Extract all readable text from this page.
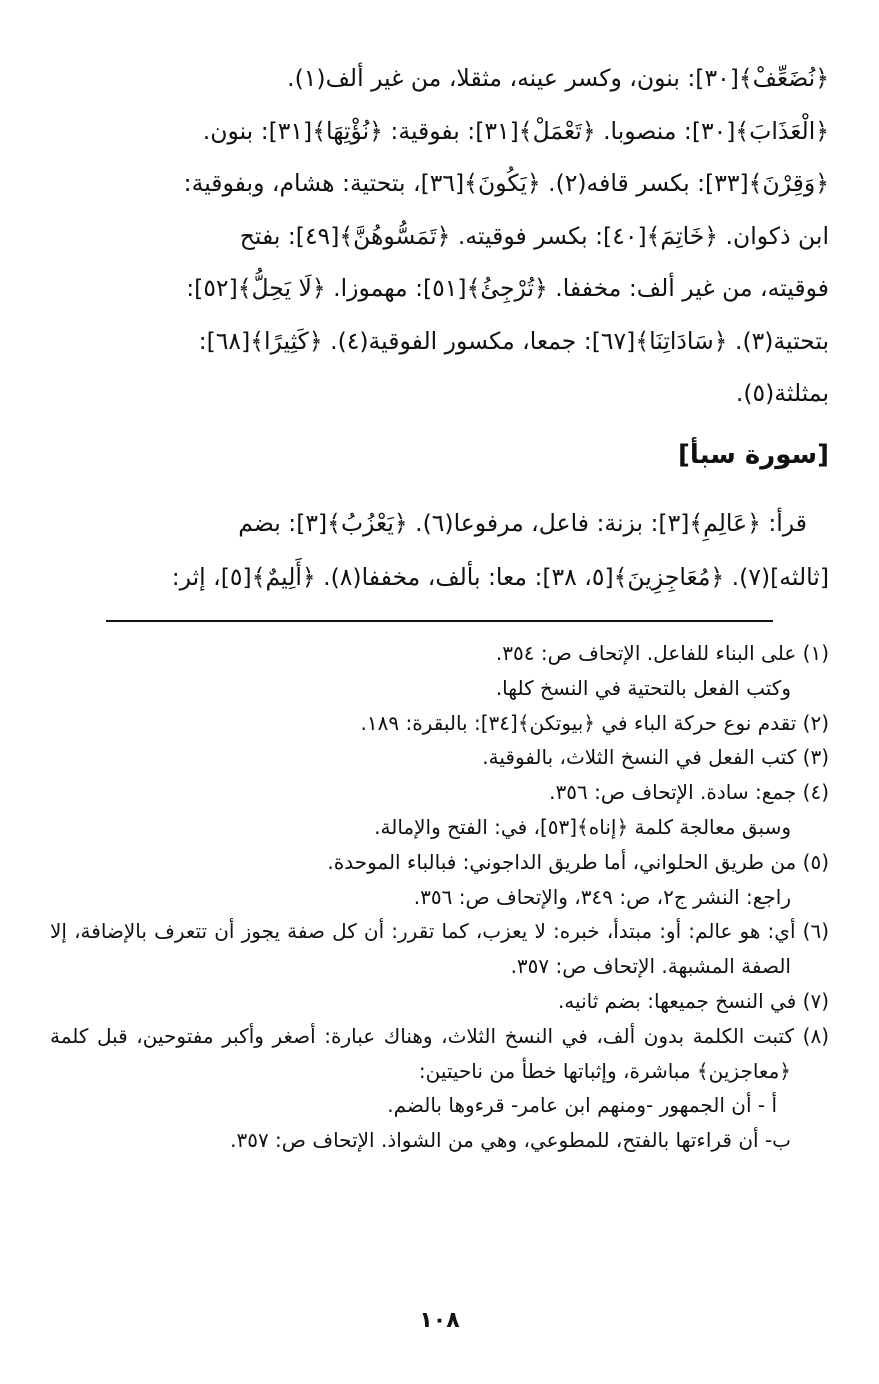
﴿نُضَعِّفْ﴾[٣٠]: بنون، وكسر عينه، مثقلا، من غير ألف(١).

﴿الْعَذَابَ﴾[٣٠]: منصوبا. ﴿تَعْمَلْ﴾[٣١]: بفوقية: ﴿نُؤْتِهَا﴾[٣١]: بنون.

﴿وَقِرْنَ﴾[٣٣]: بكسر قافه(٢). ﴿يَكُونَ﴾[٣٦]، بتحتية: هشام، وبفوقية:

ابن ذكوان. ﴿خَاتِمَ﴾[٤٠]: بكسر فوقيته. ﴿تَمَسُّوهُنَّ﴾[٤٩]: بفتح

فوقيته، من غير ألف: مخففا. ﴿تُرْجِئُ﴾[٥١]: مهموزا. ﴿لَا يَحِلُّ﴾[٥٢]:

بتحتية(٣). ﴿سَادَاتِنَا﴾[٦٧]: جمعا، مكسور الفوقية(٤). ﴿كَثِيرًا﴾[٦٨]:

بمثلثة(٥).

[سورة سبأ]

قرأ: ﴿عَالِمِ﴾[٣]: بزنة: فاعل، مرفوعا(٦). ﴿يَعْزُبُ﴾[٣]: بضم

[ثالثه](٧). ﴿مُعَاجِزِينَ﴾[٥، ٣٨]: معا: بألف، مخففا(٨). ﴿أَلِيمٌ﴾[٥]، إثر:

(١) على البناء للفاعل. الإتحاف ص: ٣٥٤.

وكتب الفعل بالتحتية في النسخ كلها.

(٢) تقدم نوع حركة الباء في ﴿بيوتكن﴾[٣٤]: بالبقرة: ١٨٩.

(٣) كتب الفعل في النسخ الثلاث، بالفوقية.

(٤) جمع: سادة. الإتحاف ص: ٣٥٦.

وسبق معالجة كلمة ﴿إناه﴾[٥٣]، في: الفتح والإمالة.

(٥) من طريق الحلواني، أما طريق الداجوني: فبالباء الموحدة.

راجع: النشر ج٢، ص: ٣٤٩، والإتحاف ص: ٣٥٦.

(٦) أي: هو عالم: أو: مبتدأ، خبره: لا يعزب، كما تقرر: أن كل صفة يجوز أن تتعرف بالإضافة، إلا الصفة المشبهة. الإتحاف ص: ٣٥٧.

(٧) في النسخ جميعها: بضم ثانيه.

(٨) كتبت الكلمة بدون ألف، في النسخ الثلاث، وهناك عبارة: أصغر وأكبر مفتوحين، قبل كلمة ﴿معاجزين﴾ مباشرة، وإثباتها خطأ من ناحيتين:

أ - أن الجمهور -ومنهم ابن عامر- قرءوها بالضم.

ب- أن قراءتها بالفتح، للمطوعي، وهي من الشواذ. الإتحاف ص: ٣٥٧.

١٠٨
